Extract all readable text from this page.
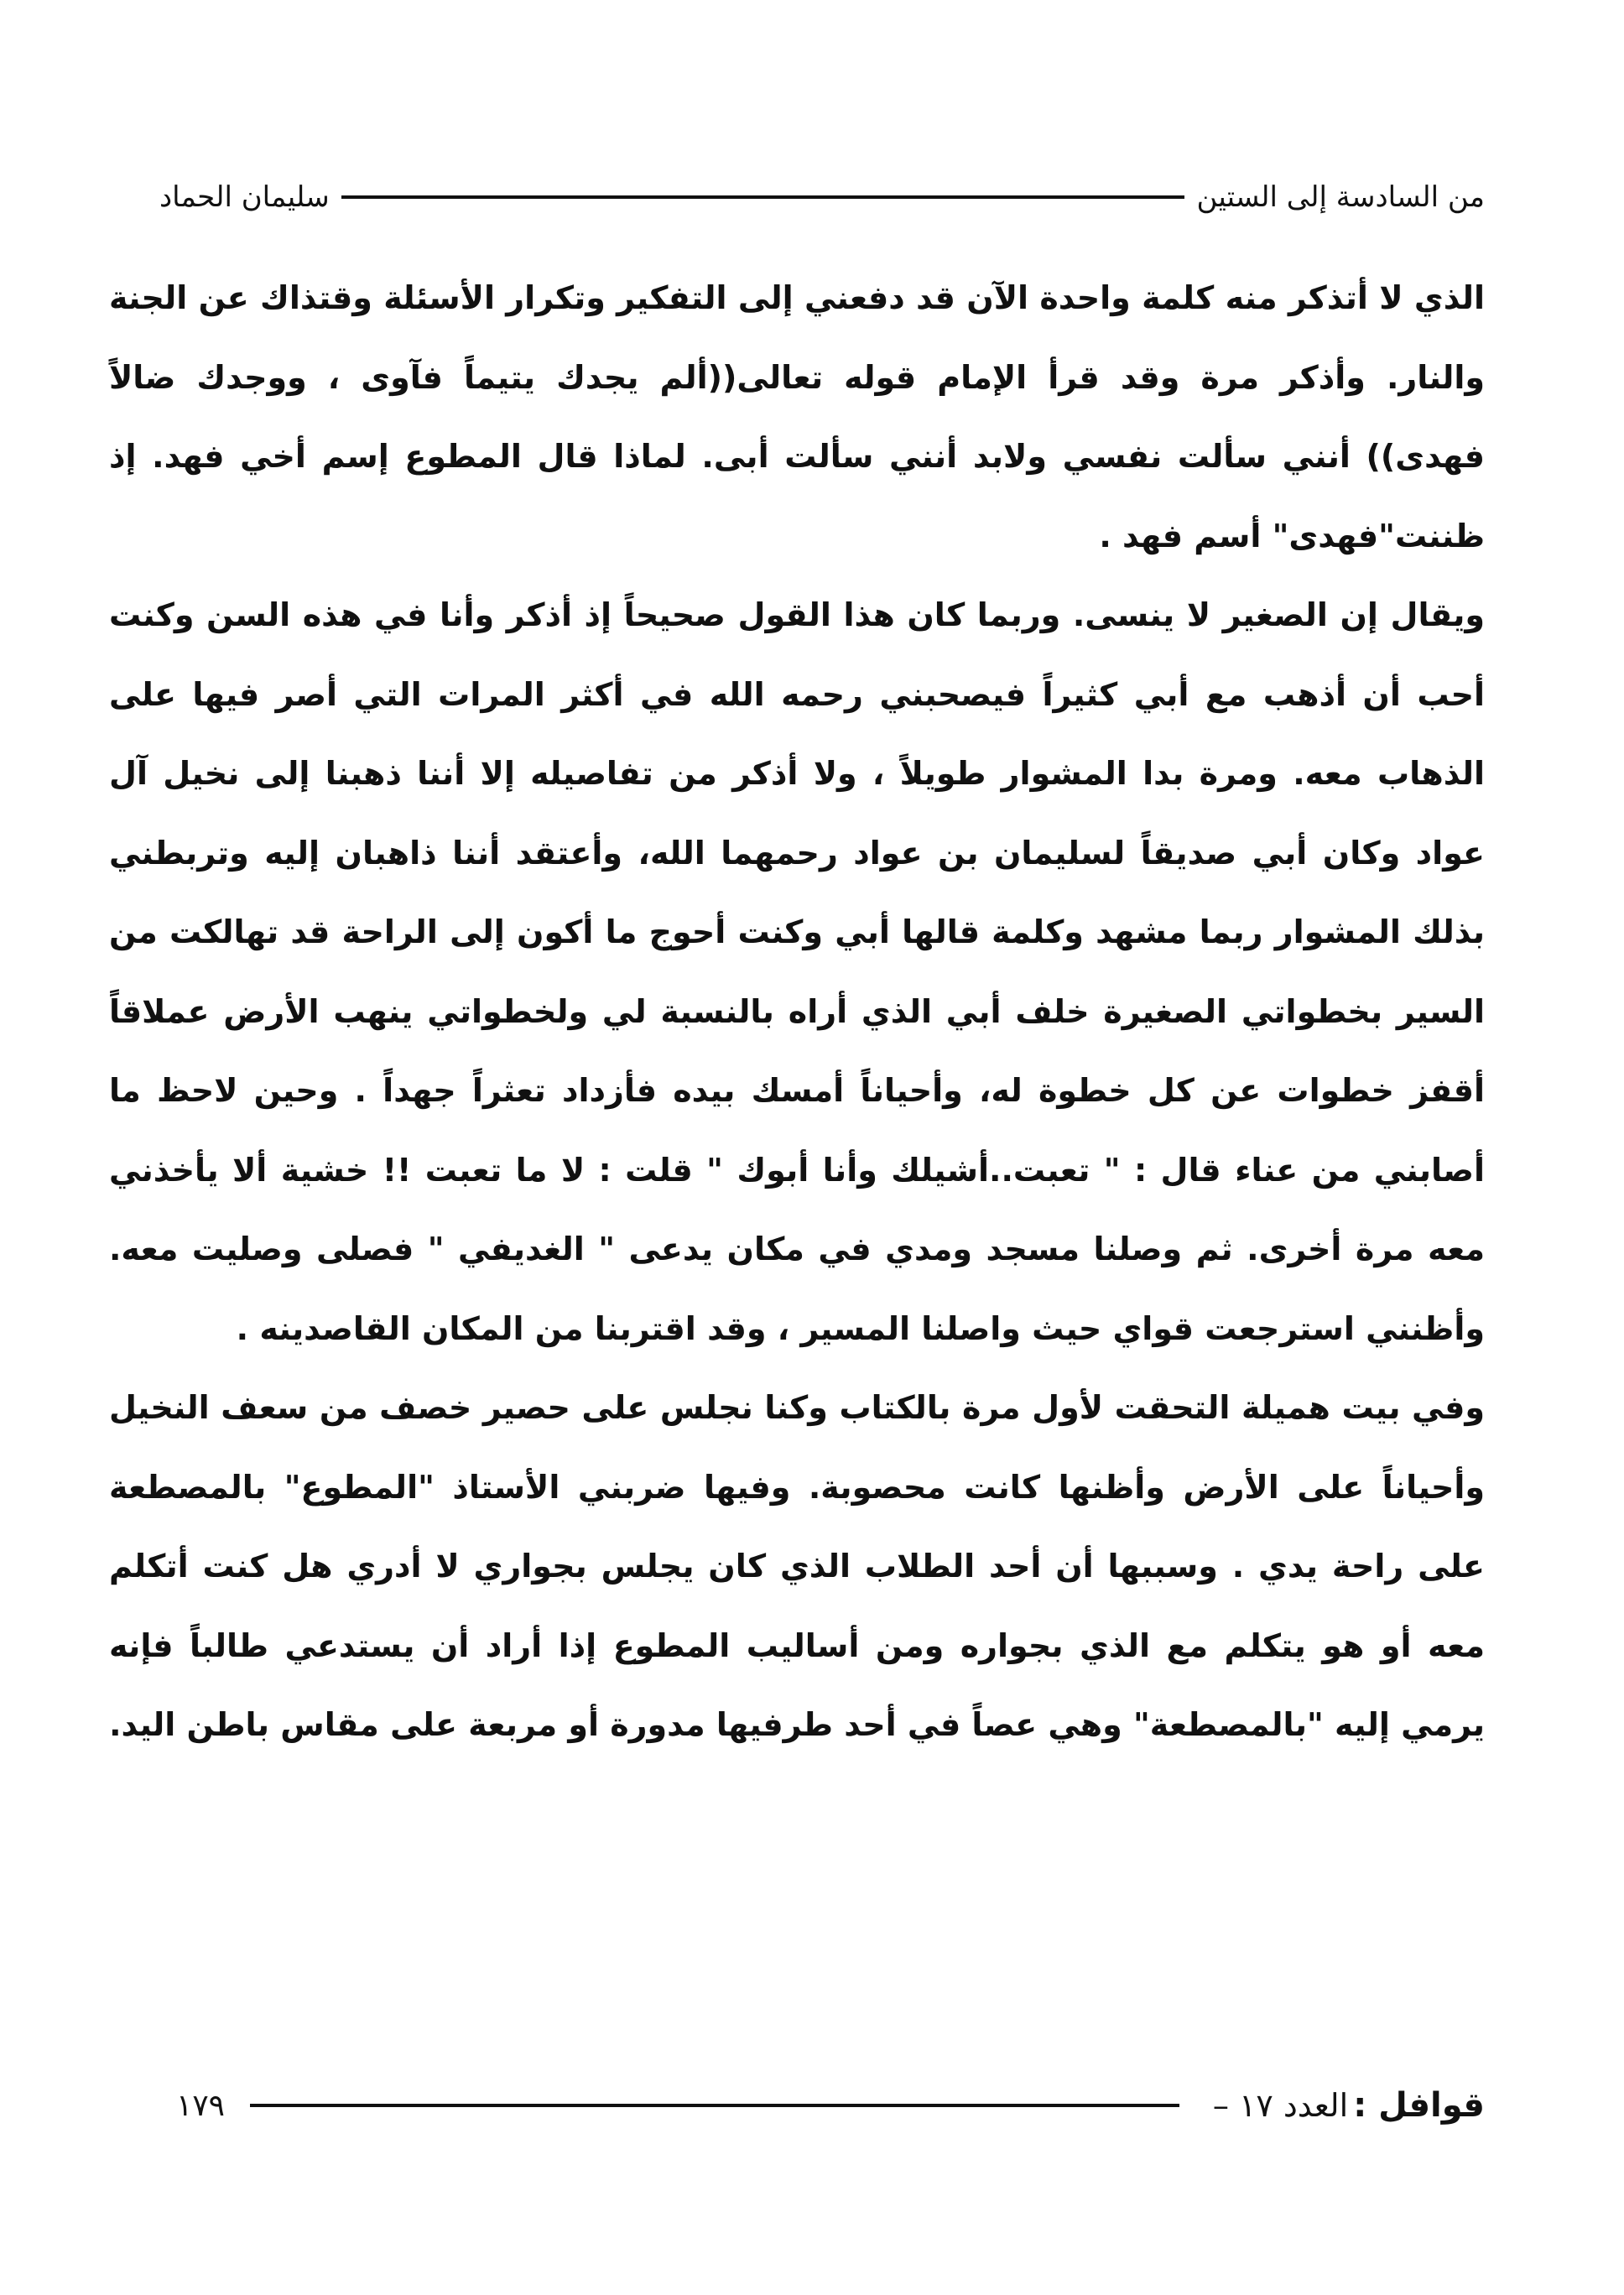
من السادسة إلى الستين
سليمان الحماد

الذي لا أتذكر منه كلمة واحدة الآن قد دفعني إلى التفكير وتكرار الأسئلة وقتذاك عن الجنة والنار. وأذكر مرة وقد قرأ الإمام قوله تعالى((ألم يجدك يتيماً فآوى ، ووجدك ضالاً فهدى)) أنني سألت نفسي ولابد أنني سألت أبى. لماذا قال المطوع إسم أخي فهد. إذ ظننت"فهدى" أسم فهد .

ويقال إن الصغير لا ينسى. وربما كان هذا القول صحيحاً إذ أذكر وأنا في هذه السن وكنت أحب أن أذهب مع أبي كثيراً فيصحبني رحمه الله في أكثر المرات التي أصر فيها على الذهاب معه. ومرة بدا المشوار طويلاً ، ولا أذكر من تفاصيله إلا أننا ذهبنا إلى نخيل آل عواد وكان أبي صديقاً لسليمان بن عواد رحمهما الله، وأعتقد أننا ذاهبان إليه وتربطني بذلك المشوار ربما مشهد وكلمة قالها أبي وكنت أحوج ما أكون إلى الراحة قد تهالكت من السير بخطواتي الصغيرة خلف أبي الذي أراه بالنسبة لي ولخطواتي ينهب الأرض عملاقاً أقفز خطوات عن كل خطوة له، وأحياناً أمسك بيده فأزداد تعثراً جهداً . وحين لاحظ ما أصابني من عناء قال : " تعبت..أشيلك وأنا أبوك " قلت : لا ما تعبت !! خشية ألا يأخذني معه مرة أخرى. ثم وصلنا مسجد ومدي في مكان يدعى " الغديفي " فصلى وصليت معه. وأظنني استرجعت قواي حيث واصلنا المسير ، وقد اقتربنا من المكان القاصدينه .

وفي بيت هميلة التحقت لأول مرة بالكتاب وكنا نجلس على حصير خصف من سعف النخيل وأحياناً على الأرض وأظنها كانت محصوبة. وفيها ضربني الأستاذ "المطوع" بالمصطعة على راحة يدي . وسببها أن أحد الطلاب الذي كان يجلس بجواري لا أدري هل كنت أتكلم معه أو هو يتكلم مع الذي بجواره ومن أساليب المطوع إذا أراد أن يستدعي طالباً فإنه يرمي إليه "بالمصطعة" وهي عصاً في أحد طرفيها مدورة أو مربعة على مقاس باطن اليد.

قوافل :
العدد ١٧ –
١٧٩
